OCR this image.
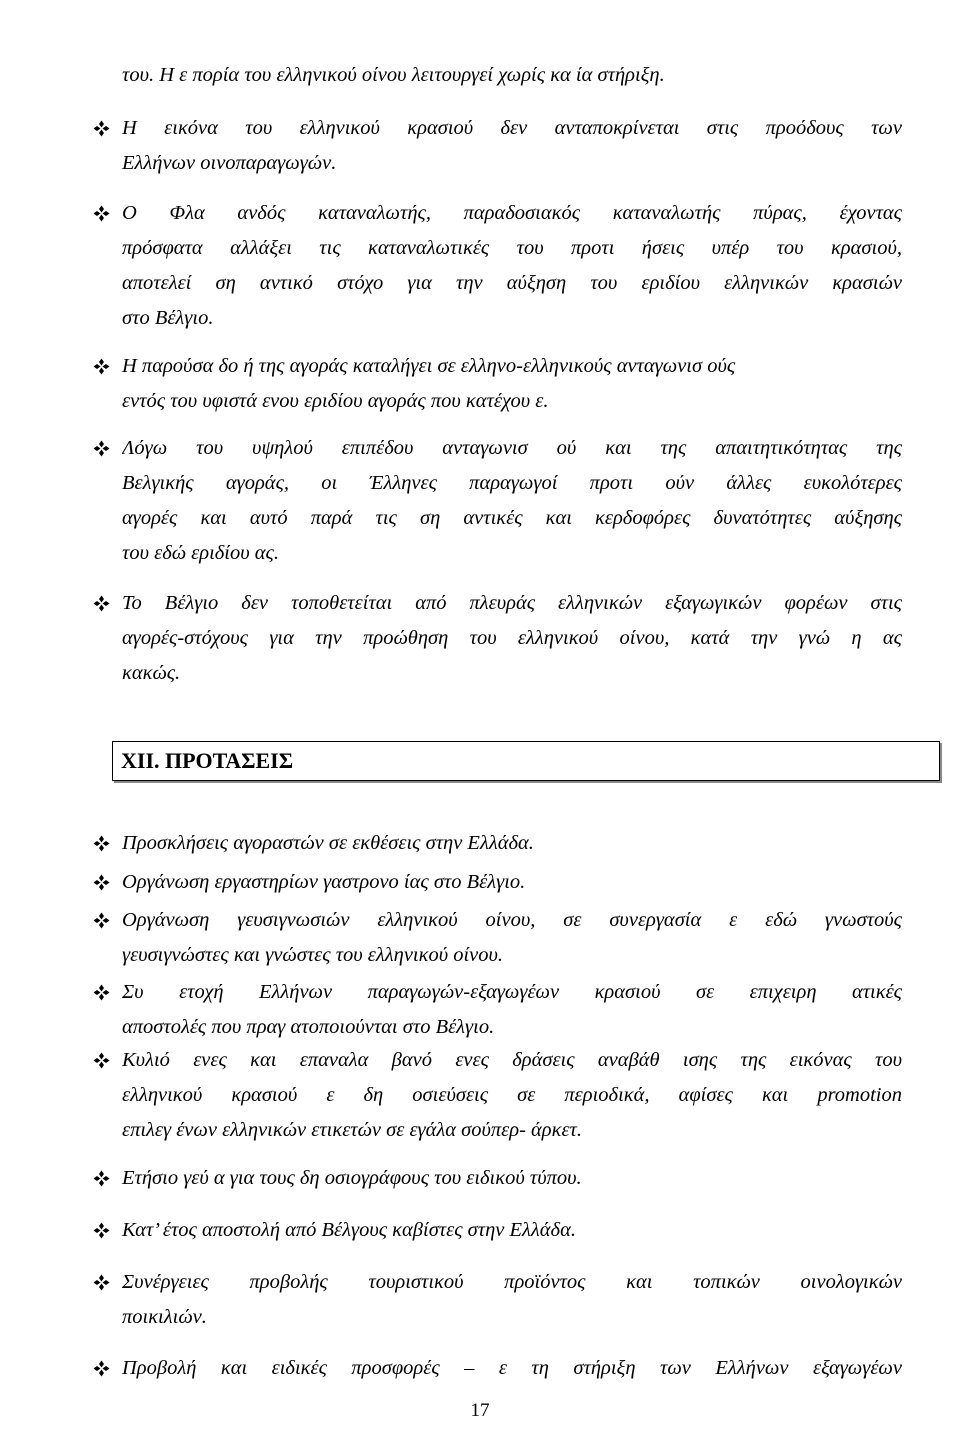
του. Η ε πορία του ελληνικού οίνου λειτουργεί χωρίς κα ία στήριξη.

Η εικόνα του ελληνικού κρασιού δεν ανταποκρίνεται στις προόδους των
Ελλήνων οινοπαραγωγών.

Ο Φλα ανδός καταναλωτής, παραδοσιακός καταναλωτής πύρας, έχοντας
πρόσφατα αλλάξει τις καταναλωτικές του προτι ήσεις υπέρ του κρασιού,
αποτελεί ση αντικό στόχο για την αύξηση του εριδίου ελληνικών κρασιών
στο Βέλγιο.

Η παρούσα δο ή της αγοράς καταλήγει σε ελληνο-ελληνικούς ανταγωνισ ούς
εντός του υφιστά ενου εριδίου αγοράς που κατέχου ε.

Λόγω του υψηλού επιπέδου ανταγωνισ ού και της απαιτητικότητας της
Βελγικής αγοράς, οι Έλληνες παραγωγοί προτι ούν άλλες ευκολότερες
αγορές και αυτό παρά τις ση αντικές και κερδοφόρες δυνατότητες αύξησης
του εδώ εριδίου ας.

Το Βέλγιο δεν τοποθετείται από πλευράς ελληνικών εξαγωγικών φορέων στις
αγορές-στόχους για την προώθηση του ελληνικού οίνου, κατά την γνώ η ας
κακώς.

XII. ΠΡΟΤΑΣΕΙΣ

Προσκλήσεις αγοραστών σε εκθέσεις στην Ελλάδα.

Οργάνωση εργαστηρίων γαστρονο ίας στο Βέλγιο.

Οργάνωση γευσιγνωσιών ελληνικού οίνου, σε συνεργασία ε εδώ γνωστούς
γευσιγνώστες και γνώστες του ελληνικού οίνου.

Συ ετοχή Ελλήνων παραγωγών-εξαγωγέων κρασιού σε επιχειρη ατικές
αποστολές που πραγ ατοποιούνται στο Βέλγιο.

Κυλιό ενες και επαναλα βανό ενες δράσεις αναβάθ ισης της εικόνας του
ελληνικού κρασιού ε δη οσιεύσεις σε περιοδικά, αφίσες και promotion
επιλεγ ένων ελληνικών ετικετών σε εγάλα σούπερ- άρκετ.

Ετήσιο γεύ α για τους δη οσιογράφους του ειδικού τύπου.

Κατ’ έτος αποστολή από Βέλγους καβίστες στην Ελλάδα.

Συνέργειες προβολής τουριστικού προϊόντος και τοπικών οινολογικών
ποικιλιών.

Προβολή και ειδικές προσφορές – ε τη στήριξη των Ελλήνων εξαγωγέων

17
